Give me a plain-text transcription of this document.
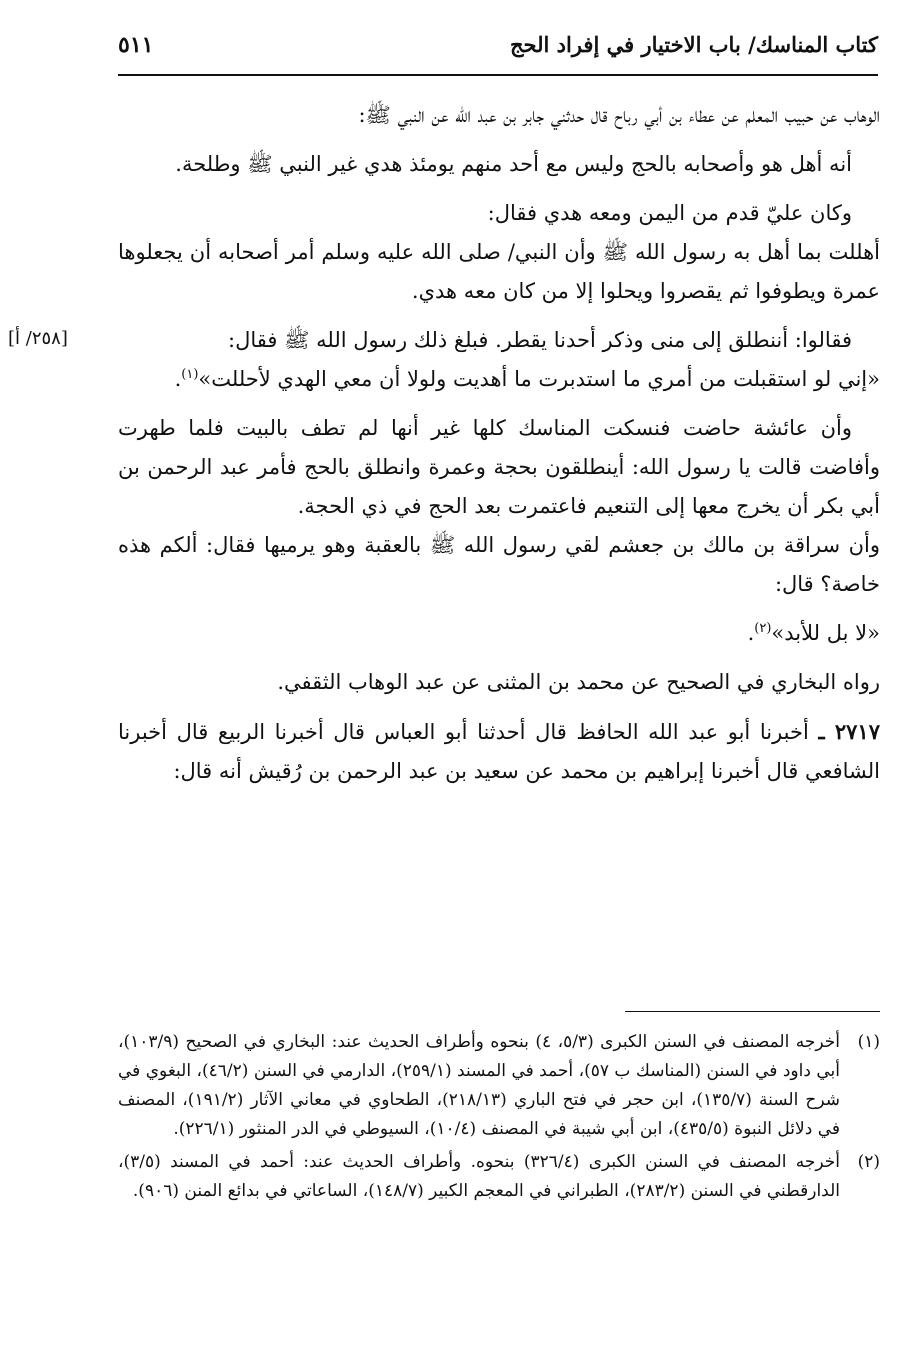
كتاب المناسك/ باب الاختيار في إفراد الحج
٥١١
[٢٥٨/ أ]

الوهاب عن حبيب المعلم عن عطاء بن أبي رباح قال حدثني جابر بن عبد الله عن النبي ﷺ:

أنه أهل هو وأصحابه بالحج وليس مع أحد منهم يومئذ هدي غير النبي ﷺ وطلحة.

وكان عليّ قدم من اليمن ومعه هدي فقال:

أهللت بما أهل به رسول الله ﷺ وأن النبي/ صلى الله عليه وسلم أمر أصحابه أن يجعلوها عمرة ويطوفوا ثم يقصروا ويحلوا إلا من كان معه هدي.

فقالوا: أننطلق إلى منى وذكر أحدنا يقطر. فبلغ ذلك رسول الله ﷺ فقال:

«إني لو استقبلت من أمري ما استدبرت ما أهديت ولولا أن معي الهدي لأحللت»$^{(١)}$.

وأن عائشة حاضت فنسكت المناسك كلها غير أنها لم تطف بالبيت فلما طهرت وأفاضت قالت يا رسول الله: أينطلقون بحجة وعمرة وانطلق بالحج فأمر عبد الرحمن بن أبي بكر أن يخرج معها إلى التنعيم فاعتمرت بعد الحج في ذي الحجة.

وأن سراقة بن مالك بن جعشم لقي رسول الله ﷺ بالعقبة وهو يرميها فقال: ألكم هذه خاصة؟ قال:

«لا بل للأبد»$^{(٢)}$.

رواه البخاري في الصحيح عن محمد بن المثنى عن عبد الوهاب الثقفي.

٢٧١٧ ـ أخبرنا أبو عبد الله الحافظ قال أحدثنا أبو العباس قال أخبرنا الربيع قال أخبرنا الشافعي قال أخبرنا إبراهيم بن محمد عن سعيد بن عبد الرحمن بن رُقيش أنه قال:

(١)
أخرجه المصنف في السنن الكبرى (٥/٣، ٤) بنحوه وأطراف الحديث عند: البخاري في الصحيح (١٠٣/٩)، أبي داود في السنن (المناسك ب ٥٧)، أحمد في المسند (٢٥٩/١)، الدارمي في السنن (٤٦/٢)، البغوي في شرح السنة (١٣٥/٧)، ابن حجر في فتح الباري (٢١٨/١٣)، الطحاوي في معاني الآثار (١٩١/٢)، المصنف في دلائل النبوة (٤٣٥/٥)، ابن أبي شيبة في المصنف (١٠/٤)، السيوطي في الدر المنثور (٢٢٦/١).
(٢)
أخرجه المصنف في السنن الكبرى (٣٢٦/٤) بنحوه. وأطراف الحديث عند: أحمد في المسند (٣/٥)، الدارقطني في السنن (٢٨٣/٢)، الطبراني في المعجم الكبير (١٤٨/٧)، الساعاتي في بدائع المنن (٩٠٦).
